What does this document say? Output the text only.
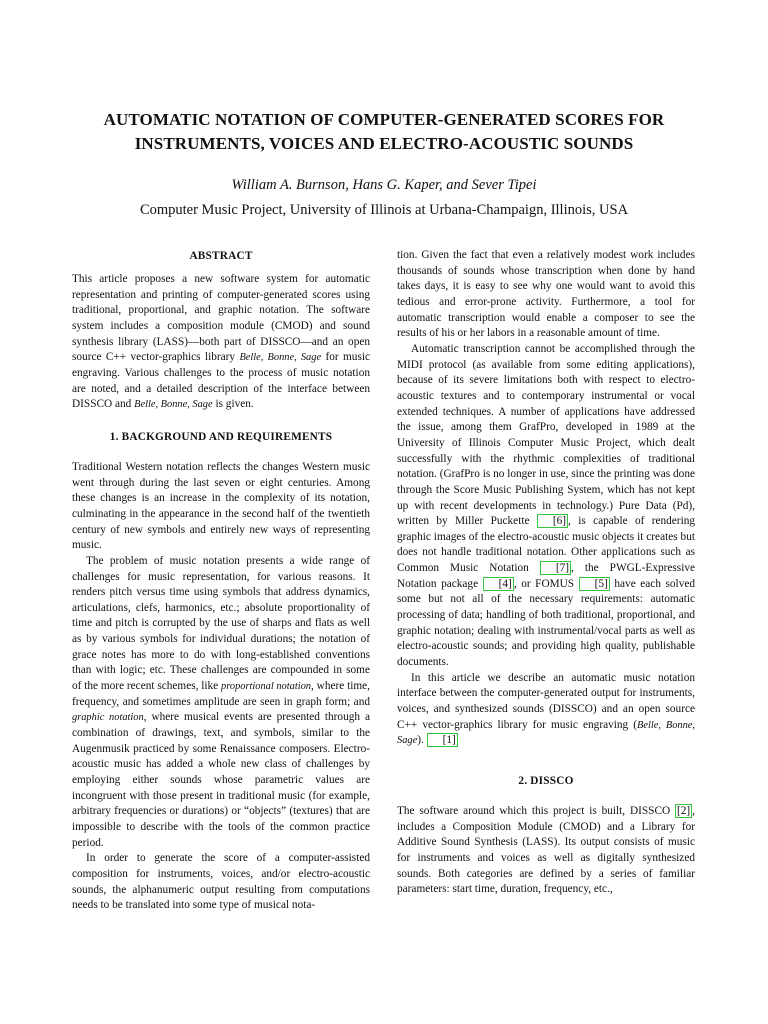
AUTOMATIC NOTATION OF COMPUTER-GENERATED SCORES FOR
INSTRUMENTS, VOICES AND ELECTRO-ACOUSTIC SOUNDS
William A. Burnson, Hans G. Kaper, and Sever Tipei
Computer Music Project, University of Illinois at Urbana-Champaign, Illinois, USA

ABSTRACT

This article proposes a new software system for automatic representation and printing of computer-generated scores using traditional, proportional, and graphic notation. The software system includes a composition module (CMOD) and sound synthesis library (LASS)—both part of DISSCO—and an open source C++ vector-graphics library Belle, Bonne, Sage for music engraving. Various challenges to the process of music notation are noted, and a detailed description of the interface between DISSCO and Belle, Bonne, Sage is given.

1. BACKGROUND AND REQUIREMENTS

Traditional Western notation reflects the changes Western music went through during the last seven or eight centuries. Among these changes is an increase in the complexity of its notation, culminating in the appearance in the second half of the twentieth century of new symbols and entirely new ways of representing music.

The problem of music notation presents a wide range of challenges for music representation, for various reasons. It renders pitch versus time using symbols that address dynamics, articulations, clefs, harmonics, etc.; absolute proportionality of time and pitch is corrupted by the use of sharps and flats as well as by various symbols for individual durations; the notation of grace notes has more to do with long-established conventions than with logic; etc. These challenges are compounded in some of the more recent schemes, like proportional notation, where time, frequency, and sometimes amplitude are seen in graph form; and graphic notation, where musical events are presented through a combination of drawings, text, and symbols, similar to the Augenmusik practiced by some Renaissance composers. Electro-acoustic music has added a whole new class of challenges by employing either sounds whose parametric values are incongruent with those present in traditional music (for example, arbitrary frequencies or durations) or “objects” (textures) that are impossible to describe with the tools of the common practice period.

In order to generate the score of a computer-assisted composition for instruments, voices, and/or electro-acoustic sounds, the alphanumeric output resulting from computations needs to be translated into some type of musical nota-

tion. Given the fact that even a relatively modest work includes thousands of sounds whose transcription when done by hand takes days, it is easy to see why one would want to avoid this tedious and error-prone activity. Furthermore, a tool for automatic transcription would enable a composer to see the results of his or her labors in a reasonable amount of time.

Automatic transcription cannot be accomplished through the MIDI protocol (as available from some editing applications), because of its severe limitations both with respect to electro-acoustic textures and to contemporary instrumental or vocal extended techniques. A number of applications have addressed the issue, among them GrafPro, developed in 1989 at the University of Illinois Computer Music Project, which dealt successfully with the rhythmic complexities of traditional notation. (GrafPro is no longer in use, since the printing was done through the Score Music Publishing System, which has not kept up with recent developments in technology.) Pure Data (Pd), written by Miller Puckette [6] , is capable of rendering graphic images of the electro-acoustic music objects it creates but does not handle traditional notation. Other applications such as Common Music Notation [7] , the PWGL-Expressive Notation package [4] , or FOMUS [5] have each solved some but not all of the necessary requirements: automatic processing of data; handling of both traditional, proportional, and graphic notation; dealing with instrumental/vocal parts as well as electro-acoustic sounds; and providing high quality, publishable documents.

In this article we describe an automatic music notation interface between the computer-generated output for instruments, voices, and synthesized sounds (DISSCO) and an open source C++ vector-graphics library for music engraving (Belle, Bonne, Sage). [1]

2. DISSCO

The software around which this project is built, DISSCO [2] , includes a Composition Module (CMOD) and a Library for Additive Sound Synthesis (LASS). Its output consists of music for instruments and voices as well as digitally synthesized sounds. Both categories are defined by a series of familiar parameters: start time, duration, frequency, etc.,
